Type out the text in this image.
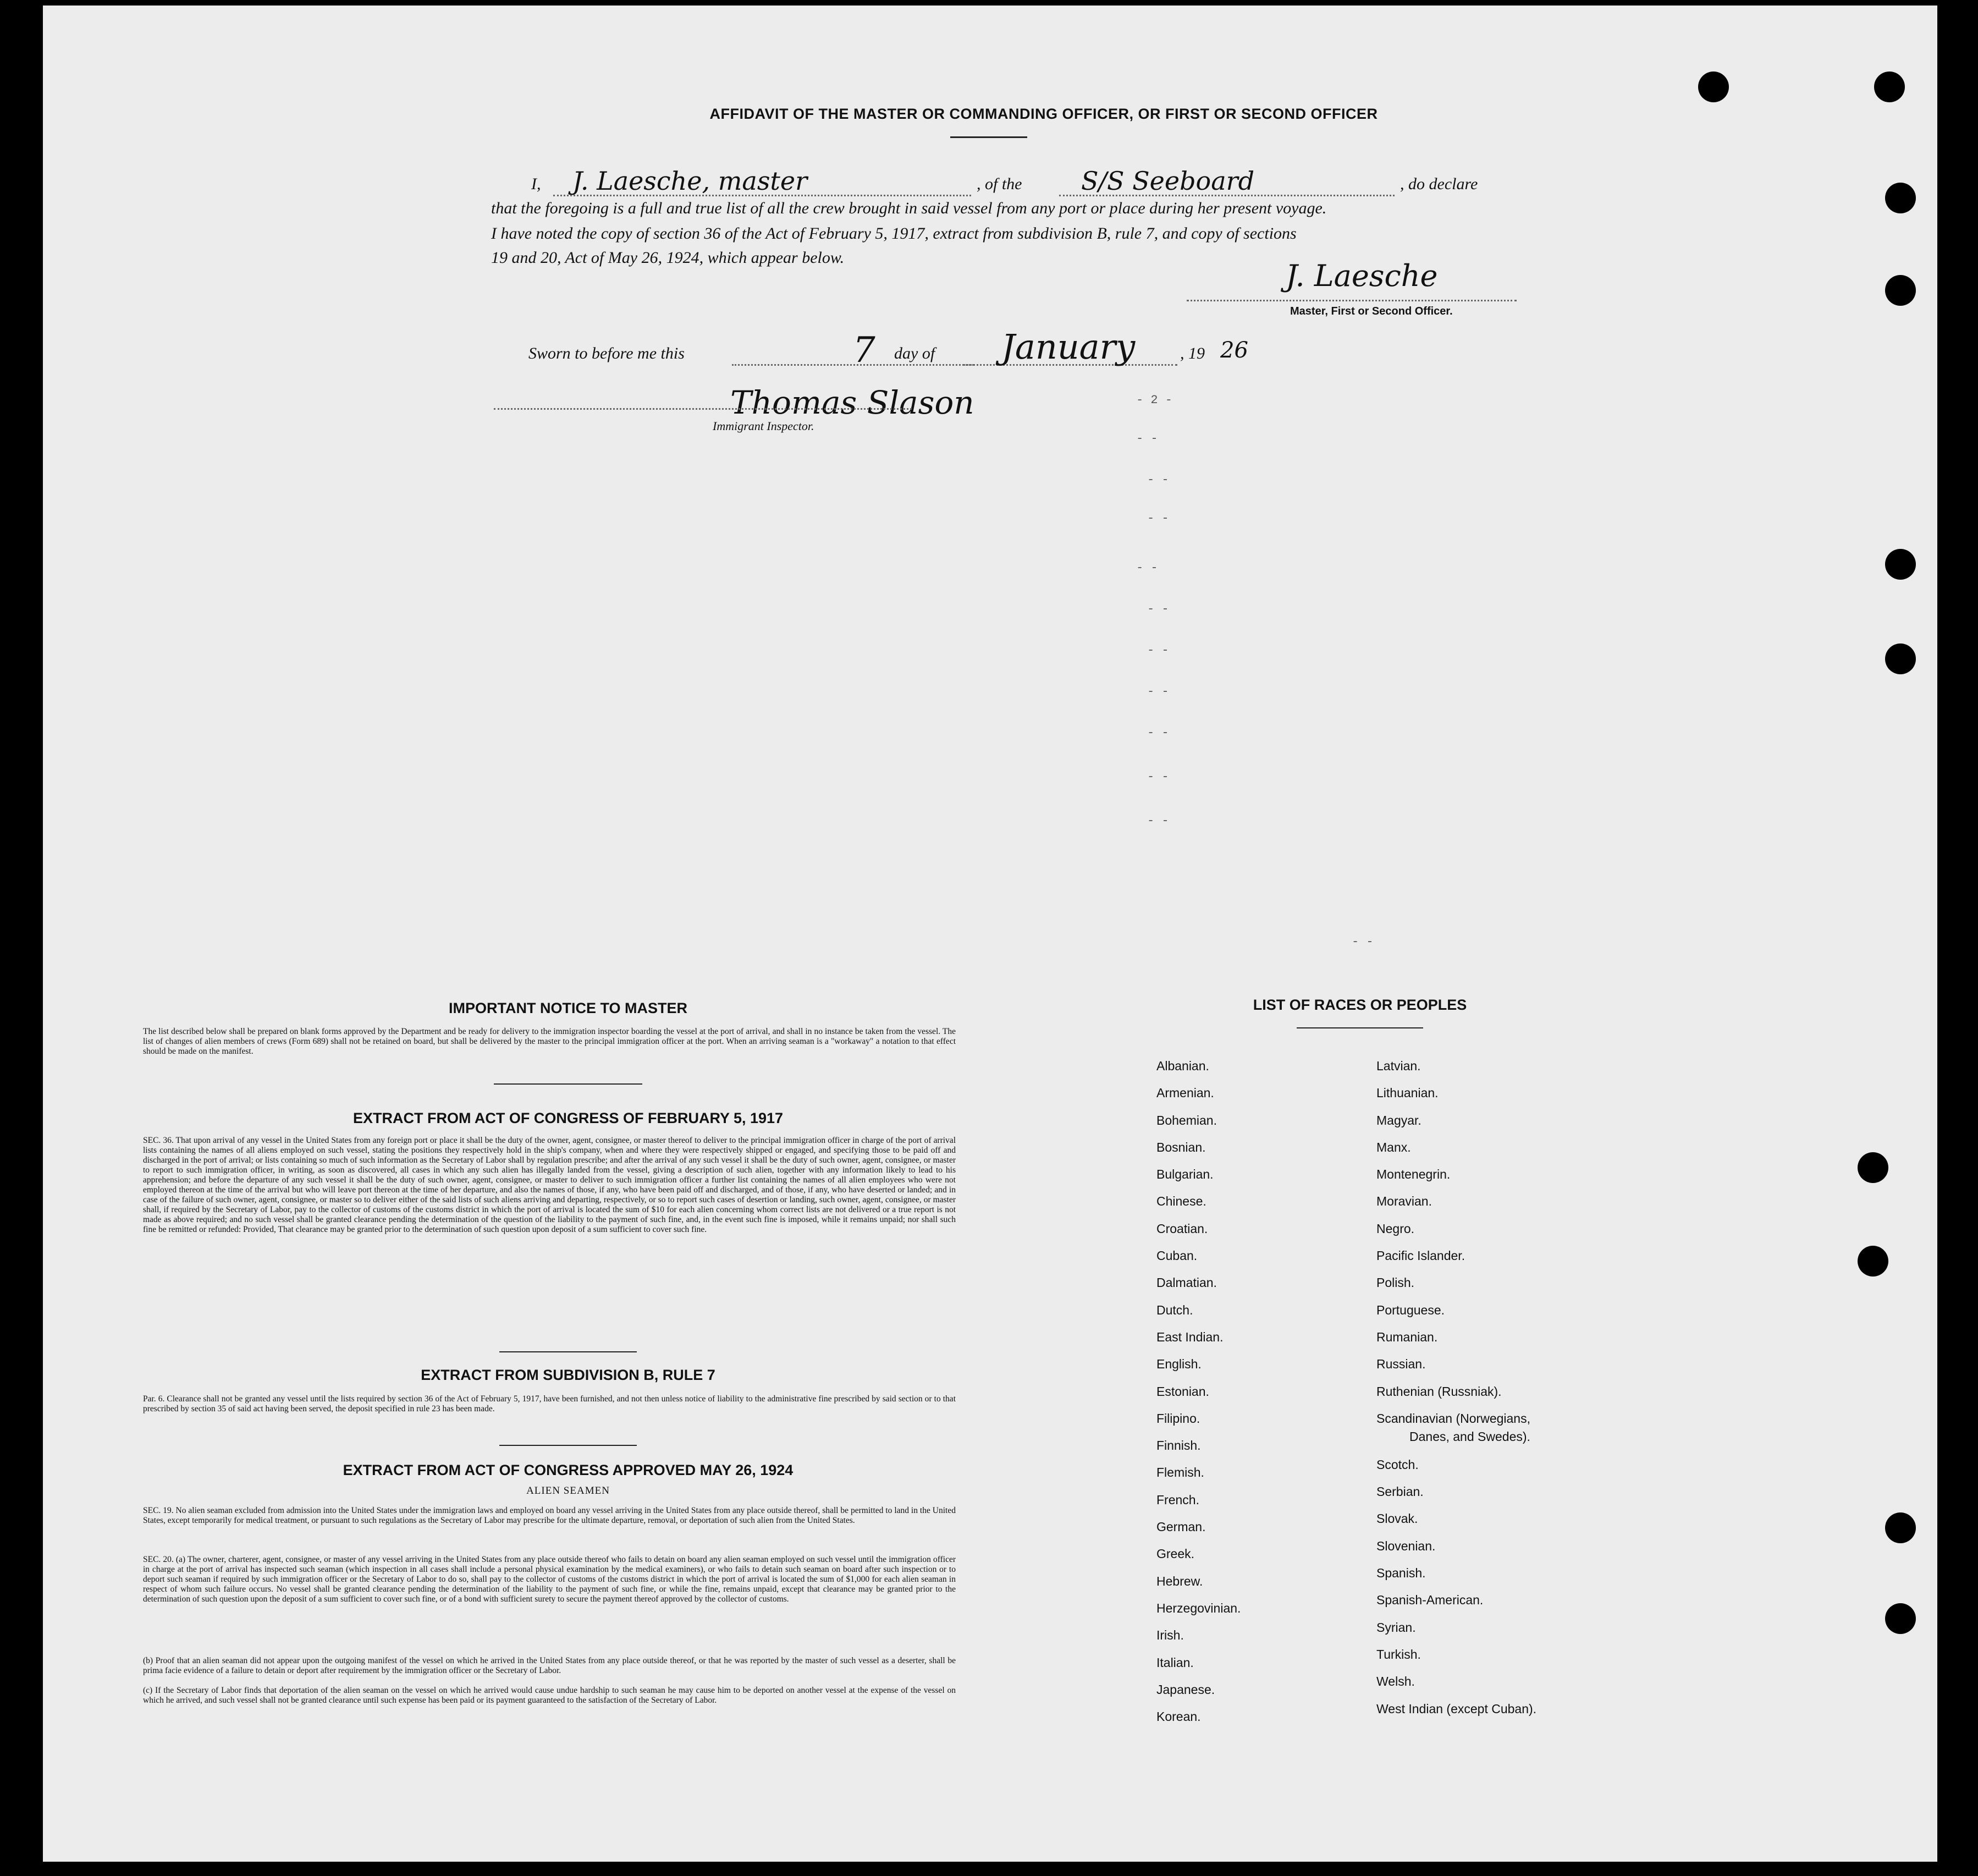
AFFIDAVIT OF THE MASTER OR COMMANDING OFFICER, OR FIRST OR SECOND OFFICER
I, J. Laesche, master	, of the S/S Seeboard	, do declare
that the foregoing is a full and true list of all the crew brought in said vessel from any port or place during her present voyage.
I have noted the copy of section 36 of the Act of February 5, 1917, extract from subdivision B, rule 7, and copy of sections
19 and 20, Act of May 26, 1924, which appear below.
J. Laesche
Master, First or Second Officer.
Sworn to before me this	7 day of January	, 19 26
Thomas Slason
Immigrant Inspector.
- 2 -
- -
- -
- -
- -
- -
- -
- -
- -
- -
- -
- -
IMPORTANT NOTICE TO MASTER
The list described below shall be prepared on blank forms approved by the Department and be ready for delivery to the immigration inspector boarding the vessel at the port of arrival, and shall in no instance be taken from the vessel. The list of changes of alien members of crews (Form 689) shall not be retained on board, but shall be delivered by the master to the principal immigration officer at the port. When an arriving seaman is a "workaway" a notation to that effect should be made on the manifest.
EXTRACT FROM ACT OF CONGRESS OF FEBRUARY 5, 1917
SEC. 36. That upon arrival of any vessel in the United States from any foreign port or place it shall be the duty of the owner, agent, consignee, or master thereof to deliver to the principal immigration officer in charge of the port of arrival lists containing the names of all aliens employed on such vessel, stating the positions they respectively hold in the ship's company, when and where they were respectively shipped or engaged, and specifying those to be paid off and discharged in the port of arrival; or lists containing so much of such information as the Secretary of Labor shall by regulation prescribe; and after the arrival of any such vessel it shall be the duty of such owner, agent, consignee, or master to report to such immigration officer, in writing, as soon as discovered, all cases in which any such alien has illegally landed from the vessel, giving a description of such alien, together with any information likely to lead to his apprehension; and before the departure of any such vessel it shall be the duty of such owner, agent, consignee, or master to deliver to such immigration officer a further list containing the names of all alien employees who were not employed thereon at the time of the arrival but who will leave port thereon at the time of her departure, and also the names of those, if any, who have been paid off and discharged, and of those, if any, who have deserted or landed; and in case of the failure of such owner, agent, consignee, or master so to deliver either of the said lists of such aliens arriving and departing, respectively, or so to report such cases of desertion or landing, such owner, agent, consignee, or master shall, if required by the Secretary of Labor, pay to the collector of customs of the customs district in which the port of arrival is located the sum of $10 for each alien concerning whom correct lists are not delivered or a true report is not made as above required; and no such vessel shall be granted clearance pending the determination of the question of the liability to the payment of such fine, and, in the event such fine is imposed, while it remains unpaid; nor shall such fine be remitted or refunded: Provided, That clearance may be granted prior to the determination of such question upon deposit of a sum sufficient to cover such fine.
EXTRACT FROM SUBDIVISION B, RULE 7
Par. 6. Clearance shall not be granted any vessel until the lists required by section 36 of the Act of February 5, 1917, have been furnished, and not then unless notice of liability to the administrative fine prescribed by said section or to that prescribed by section 35 of said act having been served, the deposit specified in rule 23 has been made.
EXTRACT FROM ACT OF CONGRESS APPROVED MAY 26, 1924
ALIEN SEAMEN
SEC. 19. No alien seaman excluded from admission into the United States under the immigration laws and employed on board any vessel arriving in the United States from any place outside thereof, shall be permitted to land in the United States, except temporarily for medical treatment, or pursuant to such regulations as the Secretary of Labor may prescribe for the ultimate departure, removal, or deportation of such alien from the United States.
SEC. 20. (a) The owner, charterer, agent, consignee, or master of any vessel arriving in the United States from any place outside thereof who fails to detain on board any alien seaman employed on such vessel until the immigration officer in charge at the port of arrival has inspected such seaman (which inspection in all cases shall include a personal physical examination by the medical examiners), or who fails to detain such seaman on board after such inspection or to deport such seaman if required by such immigration officer or the Secretary of Labor to do so, shall pay to the collector of customs of the customs district in which the port of arrival is located the sum of $1,000 for each alien seaman in respect of whom such failure occurs. No vessel shall be granted clearance pending the determination of the liability to the payment of such fine, or while the fine, remains unpaid, except that clearance may be granted prior to the determination of such question upon the deposit of a sum sufficient to cover such fine, or of a bond with sufficient surety to secure the payment thereof approved by the collector of customs.
(b) Proof that an alien seaman did not appear upon the outgoing manifest of the vessel on which he arrived in the United States from any place outside thereof, or that he was reported by the master of such vessel as a deserter, shall be prima facie evidence of a failure to detain or deport after requirement by the immigration officer or the Secretary of Labor.
(c) If the Secretary of Labor finds that deportation of the alien seaman on the vessel on which he arrived would cause undue hardship to such seaman he may cause him to be deported on another vessel at the expense of the vessel on which he arrived, and such vessel shall not be granted clearance until such expense has been paid or its payment guaranteed to the satisfaction of the Secretary of Labor.
LIST OF RACES OR PEOPLES
Albanian.
Armenian.
Bohemian.
Bosnian.
Bulgarian.
Chinese.
Croatian.
Cuban.
Dalmatian.
Dutch.
East Indian.
English.
Estonian.
Filipino.
Finnish.
Flemish.
French.
German.
Greek.
Hebrew.
Herzegovinian.
Irish.
Italian.
Japanese.
Korean.
Latvian.
Lithuanian.
Magyar.
Manx.
Montenegrin.
Moravian.
Negro.
Pacific Islander.
Polish.
Portuguese.
Rumanian.
Russian.
Ruthenian (Russniak).
Scandinavian (Norwegians,
Danes, and Swedes).
Scotch.
Serbian.
Slovak.
Slovenian.
Spanish.
Spanish-American.
Syrian.
Turkish.
Welsh.
West Indian (except Cuban).
